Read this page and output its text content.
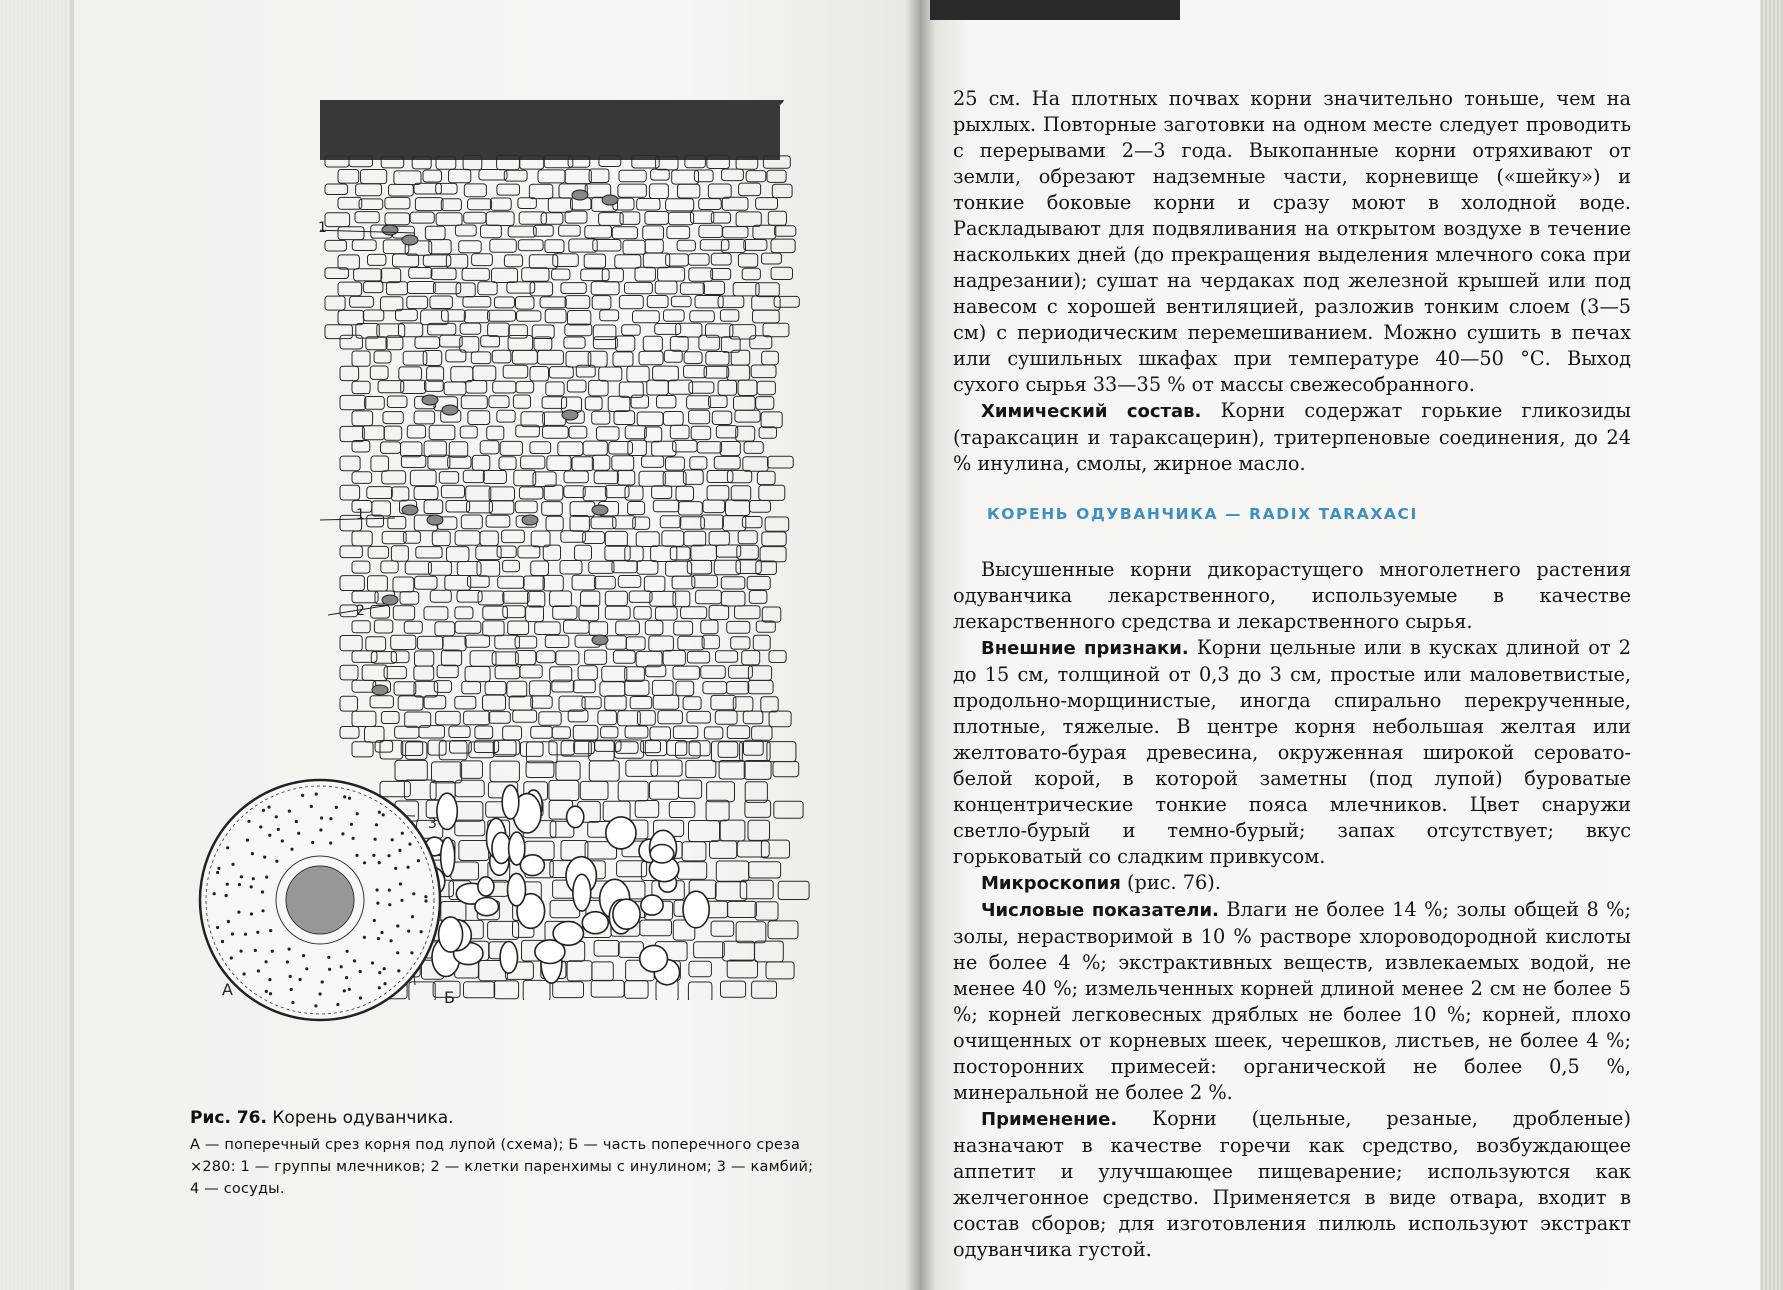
1
1
2
3
А	Б
Рис. 76. Корень одуванчика.
А — поперечный срез корня под лупой (схема); Б — часть поперечного среза
×280: 1 — группы млечников; 2 — клетки паренхимы с инулином; 3 — камбий;
4 — сосуды.

25 см. На плотных почвах корни значительно тоньше, чем на рыхлых. Повторные заготовки на одном месте следует проводить с перерывами 2—3 года. Выкопанные корни отряхивают от земли, обрезают надземные части, корневище («шейку») и тонкие боковые корни и сразу моют в холодной воде. Раскладывают для подвяливания на открытом воздухе в течение наскольких дней (до прекращения выделения млечного сока при надрезании); сушат на чердаках под железной крышей или под навесом с хорошей вентиляцией, разложив тонким слоем (3—5 см) с периодическим перемешиванием. Можно сушить в печах или сушильных шкафах при температуре 40—50 °С. Выход сухого сырья 33—35 % от массы свежесобранного.

Химический состав. Корни содержат горькие гликозиды (тараксацин и тараксацерин), тритерпеновые соединения, до 24 % инулина, смолы, жирное масло.

КОРЕНЬ ОДУВАНЧИКА — RADIX TARAXACI

Высушенные корни дикорастущего многолетнего растения одуванчика лекарственного, используемые в качестве лекарственного средства и лекарственного сырья.

Внешние признаки. Корни цельные или в кусках длиной от 2 до 15 см, толщиной от 0,3 до 3 см, простые или маловетвистые, продольно-морщинистые, иногда спирально перекрученные, плотные, тяжелые. В центре корня небольшая желтая или желтовато-бурая древесина, окруженная широкой серовато-белой корой, в которой заметны (под лупой) буроватые концентрические тонкие пояса млечников. Цвет снаружи светло-бурый и темно-бурый; запах отсутствует; вкус горьковатый со сладким привкусом.

Микроскопия (рис. 76).

Числовые показатели. Влаги не более 14 %; золы общей 8 %; золы, нерастворимой в 10 % растворе хлороводородной кислоты не более 4 %; экстрактивных веществ, извлекаемых водой, не менее 40 %; измельченных корней длиной менее 2 см не более 5 %; корней легковесных дряблых не более 10 %; корней, плохо очищенных от корневых шеек, черешков, листьев, не более 4 %; посторонних примесей: органической не более 0,5 %, минеральной не более 2 %.

Применение. Корни (цельные, резаные, дробленые) назначают в качестве горечи как средство, возбуждающее аппетит и улучшающее пищеварение; используются как желчегонное средство. Применяется в виде отвара, входит в состав сборов; для изготовления пилюль используют экстракт одуванчика густой.
